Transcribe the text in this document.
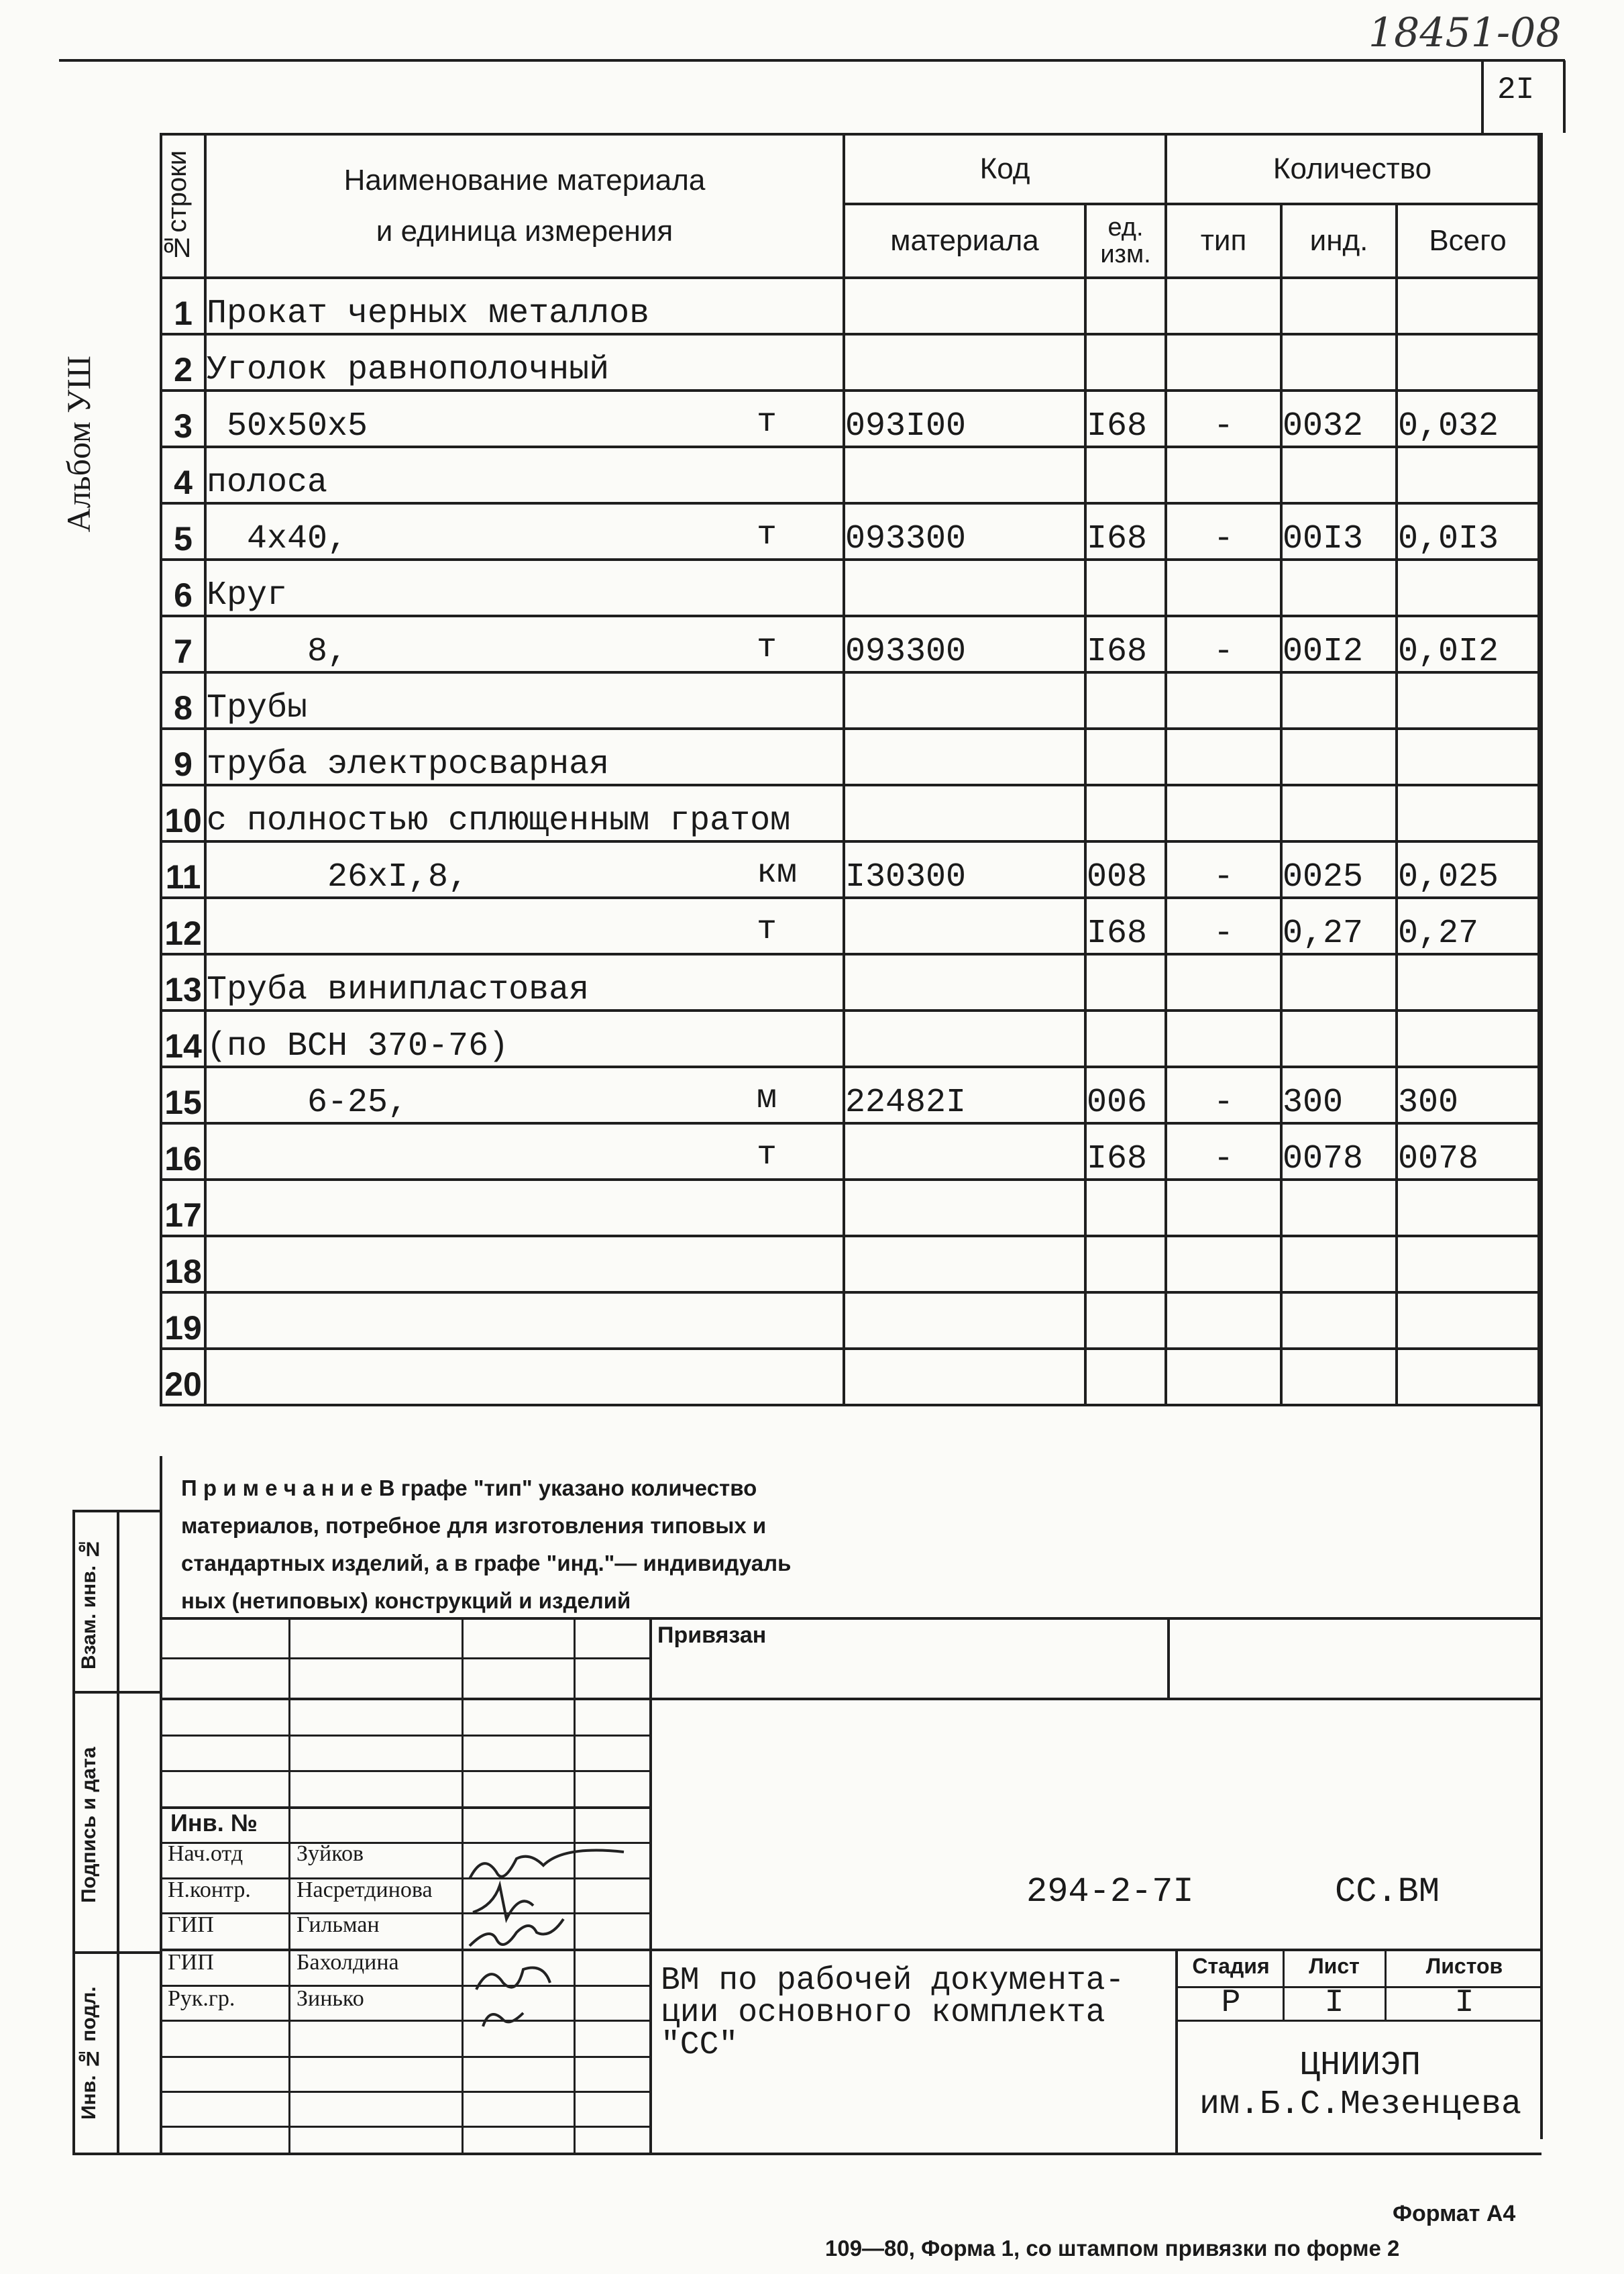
18451-08
2I
Альбом УШ
№строки	Наименование материала
и единица измерения	Код		Количество		
		материала	ед. изм.	тип	инд.	Всего
1	Прокат черных металлов

2	Уголок равнополочный

3	50х50х5 т	093I00	I68	-	0032	0,032
4	полоса

5	4х40, т	093300	I68	-	00I3	0,0I3
6	Круг

7	8, т	093300	I68	-	00I2	0,0I2
8	Трубы

9	труба электросварная

10	с полностью сплющенным гратом

11	26хI,8, км	I30300	008	-	0025	0,025
12	т		I68	-	0,27	0,27
13	Труба винипластовая

14	(по ВСН 370-76)

15	6-25, м	22482I	006	-	300	300
16	т		I68	-	0078	0078
17	

18	

19	

20	

П р и м е ч а н и е В графе "тип" указано количество
материалов, потребное для изготовления типовых и
стандартных изделий, а в графе "инд."— индивидуаль
ных (нетиповых) конструкций и изделий
Взам. инв. №
Подпись и дата
Инв. № подл.
Привязан
Инв. №
Нач.отд Зуйков
Н.контр. Насретдинова
ГИП	Гильман
ГИП	Бахолдина
Рук.гр.	Зинько
294-2-7I	СС.ВМ
ВМ по рабочей документа-
ции основного комплекта
"СС"
Стадия	Лист	Листов
Р	I	I
ЦНИИЭП
им.Б.С.Мезенцева
Формат А4
109—80, Форма 1, со штампом привязки по форме 2
